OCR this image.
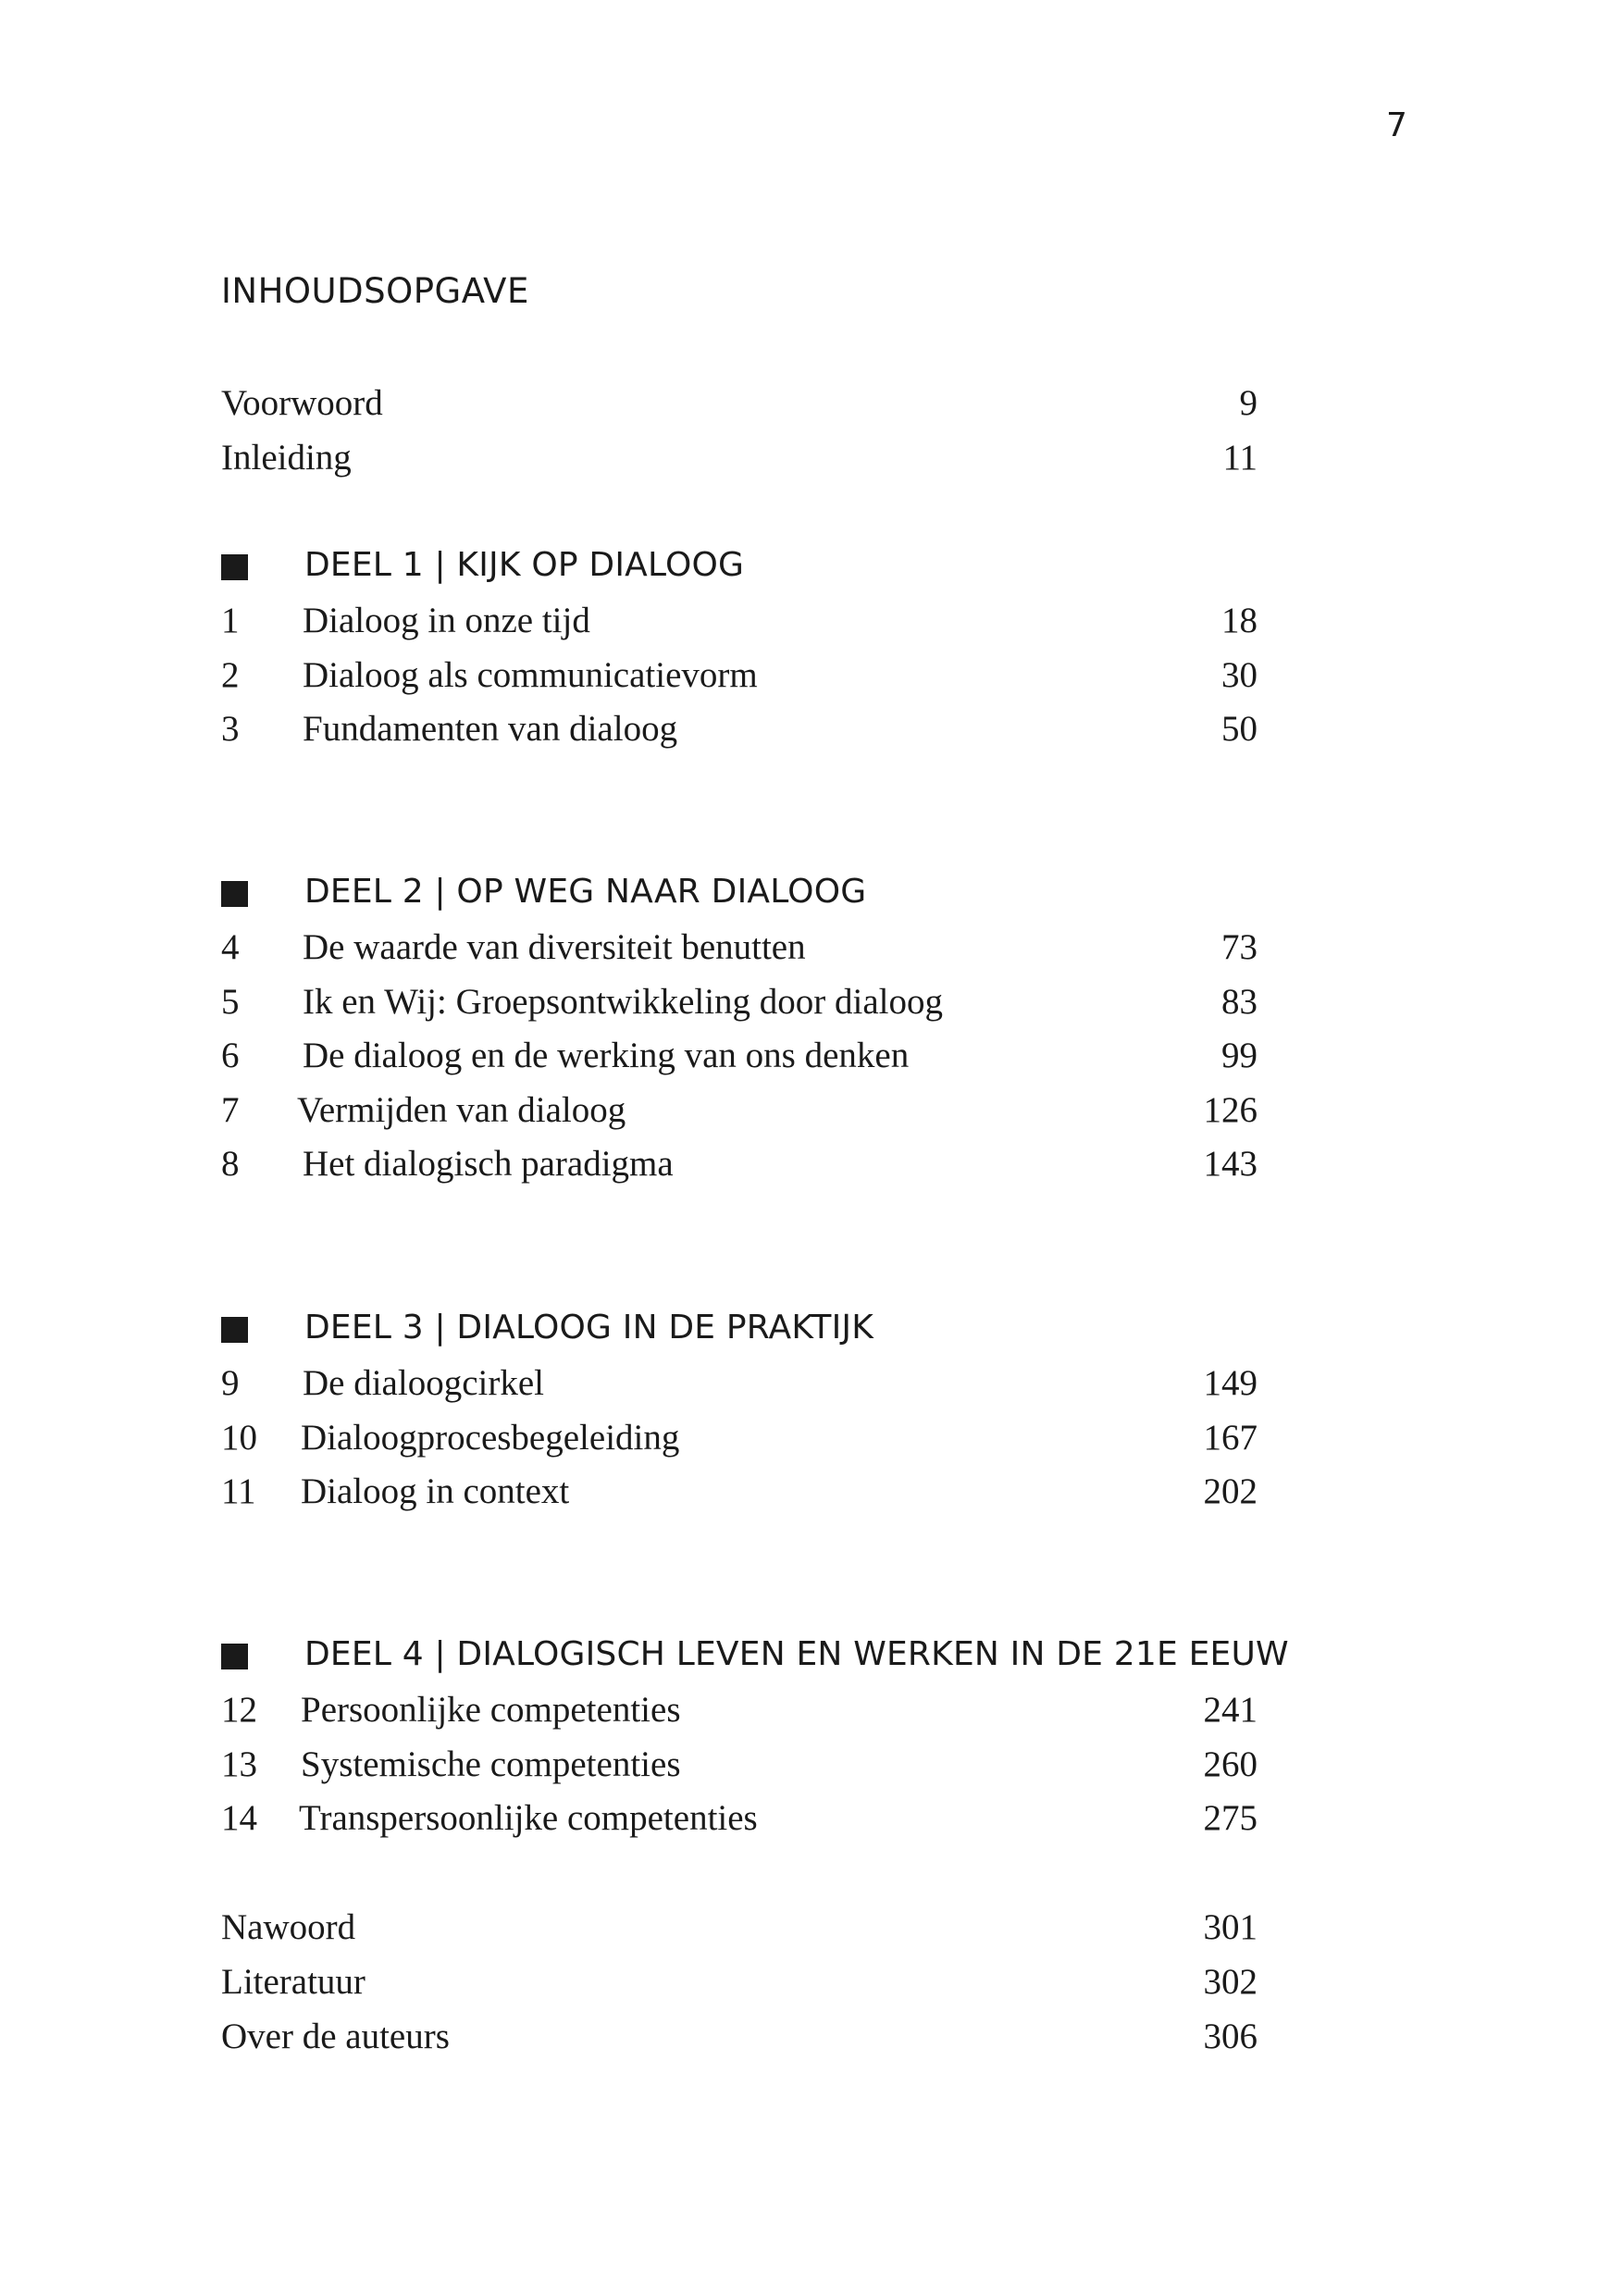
7
INHOUDSOPGAVE
Voorwoord	9
Inleiding	11
DEEL 1 | KIJK OP DIALOOG
1 Dialoog in onze tijd	18
2 Dialoog als communicatievorm	30
3 Fundamenten van dialoog	50
DEEL 2 | OP WEG NAAR DIALOOG
4 De waarde van diversiteit benutten	73
5 Ik en Wij: Groepsontwikkeling door dialoog	83
6 De dialoog en de werking van ons denken	99
7 Vermijden van dialoog	126
8 Het dialogisch paradigma	143
DEEL 3 | DIALOOG IN DE PRAKTIJK
9 De dialoogcirkel	149
10 Dialoogprocesbegeleiding	167
11 Dialoog in context	202
DEEL 4 | DIALOGISCH LEVEN EN WERKEN IN DE 21E EEUW
12 Persoonlijke competenties	241
13 Systemische competenties	260
14 Transpersoonlijke competenties	275
Nawoord	301
Literatuur	302
Over de auteurs	306
